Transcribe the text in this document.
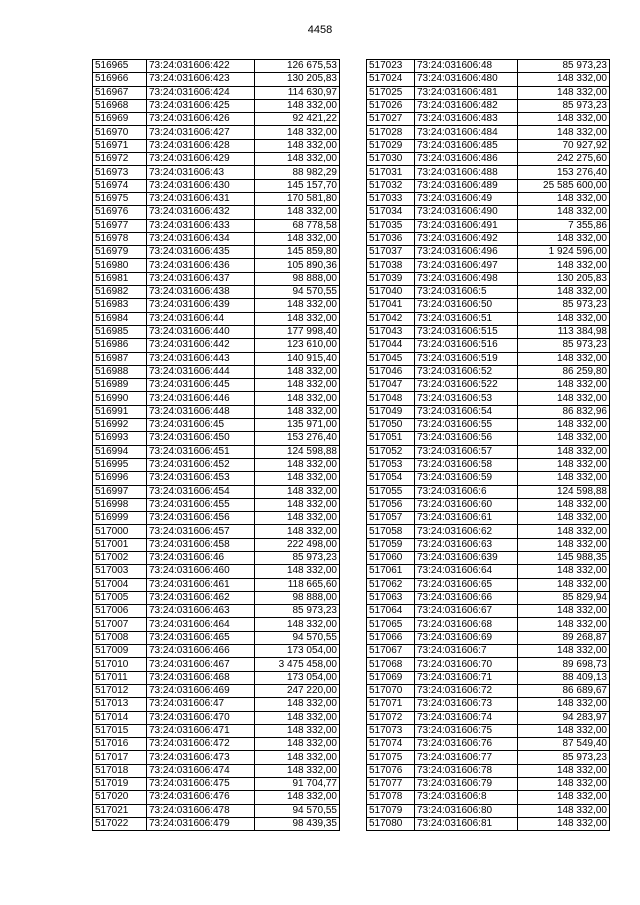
4458
516965	73:24:031606:422	126 675,53
516966	73:24:031606:423	130 205,83
516967	73:24:031606:424	114 630,97
516968	73:24:031606:425	148 332,00
516969	73:24:031606:426	92 421,22
516970	73:24:031606:427	148 332,00
516971	73:24:031606:428	148 332,00
516972	73:24:031606:429	148 332,00
516973	73:24:031606:43	88 982,29
516974	73:24:031606:430	145 157,70
516975	73:24:031606:431	170 581,80
516976	73:24:031606:432	148 332,00
516977	73:24:031606:433	68 778,58
516978	73:24:031606:434	148 332,00
516979	73:24:031606:435	145 859,80
516980	73:24:031606:436	105 890,36
516981	73:24:031606:437	98 888,00
516982	73:24:031606:438	94 570,55
516983	73:24:031606:439	148 332,00
516984	73:24:031606:44	148 332,00
516985	73:24:031606:440	177 998,40
516986	73:24:031606:442	123 610,00
516987	73:24:031606:443	140 915,40
516988	73:24:031606:444	148 332,00
516989	73:24:031606:445	148 332,00
516990	73:24:031606:446	148 332,00
516991	73:24:031606:448	148 332,00
516992	73:24:031606:45	135 971,00
516993	73:24:031606:450	153 276,40
516994	73:24:031606:451	124 598,88
516995	73:24:031606:452	148 332,00
516996	73:24:031606:453	148 332,00
516997	73:24:031606:454	148 332,00
516998	73:24:031606:455	148 332,00
516999	73:24:031606:456	148 332,00
517000	73:24:031606:457	148 332,00
517001	73:24:031606:458	222 498,00
517002	73:24:031606:46	85 973,23
517003	73:24:031606:460	148 332,00
517004	73:24:031606:461	118 665,60
517005	73:24:031606:462	98 888,00
517006	73:24:031606:463	85 973,23
517007	73:24:031606:464	148 332,00
517008	73:24:031606:465	94 570,55
517009	73:24:031606:466	173 054,00
517010	73:24:031606:467	3 475 458,00
517011	73:24:031606:468	173 054,00
517012	73:24:031606:469	247 220,00
517013	73:24:031606:47	148 332,00
517014	73:24:031606:470	148 332,00
517015	73:24:031606:471	148 332,00
517016	73:24:031606:472	148 332,00
517017	73:24:031606:473	148 332,00
517018	73:24:031606:474	148 332,00
517019	73:24:031606:475	91 704,77
517020	73:24:031606:476	148 332,00
517021	73:24:031606:478	94 570,55
517022	73:24:031606:479	98 439,35
517023	73:24:031606:48	85 973,23
517024	73:24:031606:480	148 332,00
517025	73:24:031606:481	148 332,00
517026	73:24:031606:482	85 973,23
517027	73:24:031606:483	148 332,00
517028	73:24:031606:484	148 332,00
517029	73:24:031606:485	70 927,92
517030	73:24:031606:486	242 275,60
517031	73:24:031606:488	153 276,40
517032	73:24:031606:489	25 585 600,00
517033	73:24:031606:49	148 332,00
517034	73:24:031606:490	148 332,00
517035	73:24:031606:491	7 355,86
517036	73:24:031606:492	148 332,00
517037	73:24:031606:496	1 924 596,00
517038	73:24:031606:497	148 332,00
517039	73:24:031606:498	130 205,83
517040	73:24:031606:5	148 332,00
517041	73:24:031606:50	85 973,23
517042	73:24:031606:51	148 332,00
517043	73:24:031606:515	113 384,98
517044	73:24:031606:516	85 973,23
517045	73:24:031606:519	148 332,00
517046	73:24:031606:52	86 259,80
517047	73:24:031606:522	148 332,00
517048	73:24:031606:53	148 332,00
517049	73:24:031606:54	86 832,96
517050	73:24:031606:55	148 332,00
517051	73:24:031606:56	148 332,00
517052	73:24:031606:57	148 332,00
517053	73:24:031606:58	148 332,00
517054	73:24:031606:59	148 332,00
517055	73:24:031606:6	124 598,88
517056	73:24:031606:60	148 332,00
517057	73:24:031606:61	148 332,00
517058	73:24:031606:62	148 332,00
517059	73:24:031606:63	148 332,00
517060	73:24:031606:639	145 988,35
517061	73:24:031606:64	148 332,00
517062	73:24:031606:65	148 332,00
517063	73:24:031606:66	85 829,94
517064	73:24:031606:67	148 332,00
517065	73:24:031606:68	148 332,00
517066	73:24:031606:69	89 268,87
517067	73:24:031606:7	148 332,00
517068	73:24:031606:70	89 698,73
517069	73:24:031606:71	88 409,13
517070	73:24:031606:72	86 689,67
517071	73:24:031606:73	148 332,00
517072	73:24:031606:74	94 283,97
517073	73:24:031606:75	148 332,00
517074	73:24:031606:76	87 549,40
517075	73:24:031606:77	85 973,23
517076	73:24:031606:78	148 332,00
517077	73:24:031606:79	148 332,00
517078	73:24:031606:8	148 332,00
517079	73:24:031606:80	148 332,00
517080	73:24:031606:81	148 332,00
